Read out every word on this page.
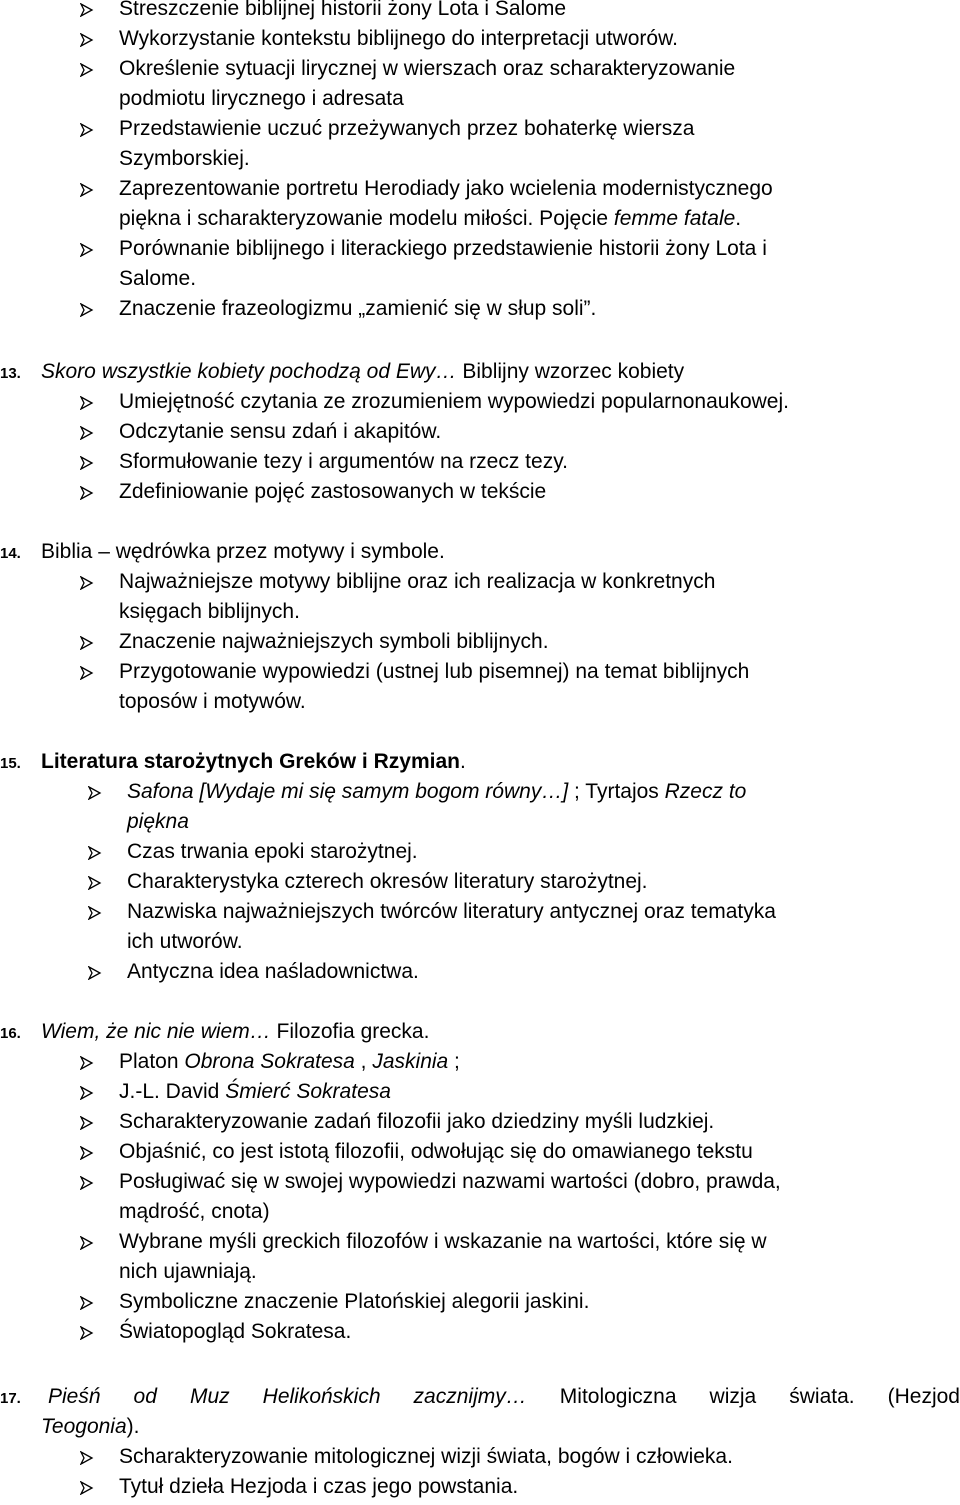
Streszczenie biblijnej historii żony Lota i Salome
Wykorzystanie kontekstu biblijnego do interpretacji utworów.
Określenie sytuacji lirycznej w wierszach oraz scharakteryzowanie
podmiotu lirycznego i adresata
Przedstawienie uczuć przeżywanych przez bohaterkę wiersza
Szymborskiej.
Zaprezentowanie portretu Herodiady jako wcielenia modernistycznego
piękna i scharakteryzowanie modelu miłości. Pojęcie femme fatale.
Porównanie biblijnego i literackiego przedstawienie historii żony Lota i
Salome.
Znaczenie frazeologizmu „zamienić się w słup soli”.
13. Skoro wszystkie kobiety pochodzą od Ewy… Biblijny wzorzec kobiety
Umiejętność czytania ze zrozumieniem wypowiedzi popularnonaukowej.
Odczytanie sensu zdań i akapitów.
Sformułowanie tezy i argumentów na rzecz tezy.
Zdefiniowanie pojęć zastosowanych w tekście
14. Biblia – wędrówka przez motywy i symbole.
Najważniejsze motywy biblijne oraz ich realizacja w konkretnych
księgach biblijnych.
Znaczenie najważniejszych symboli biblijnych.
Przygotowanie wypowiedzi (ustnej lub pisemnej) na temat biblijnych
toposów i motywów.
15. Literatura starożytnych Greków i Rzymian.
Safona [Wydaje mi się samym bogom równy…] ; Tyrtajos Rzecz to
piękna
Czas trwania epoki starożytnej.
Charakterystyka czterech okresów literatury starożytnej.
Nazwiska najważniejszych twórców literatury antycznej oraz tematyka
ich utworów.
Antyczna idea naśladownictwa.
16. Wiem, że nic nie wiem… Filozofia grecka.
Platon Obrona Sokratesa , Jaskinia ;
J.-L. David Śmierć Sokratesa
Scharakteryzowanie zadań filozofii jako dziedziny myśli ludzkiej.
Objaśnić, co jest istotą filozofii, odwołując się do omawianego tekstu
Posługiwać się w swojej wypowiedzi nazwami wartości (dobro, prawda,
mądrość, cnota)
Wybrane myśli greckich filozofów i wskazanie na wartości, które się w
nich ujawniają.
Symboliczne znaczenie Platońskiej alegorii jaskini.
Światopogląd Sokratesa.
17. Pieśń od Muz Helikońskich zacznijmy… Mitologiczna wizja świata. (Hezjod
Teogonia).
Scharakteryzowanie mitologicznej wizji świata, bogów i człowieka.
Tytuł dzieła Hezjoda i czas jego powstania.
